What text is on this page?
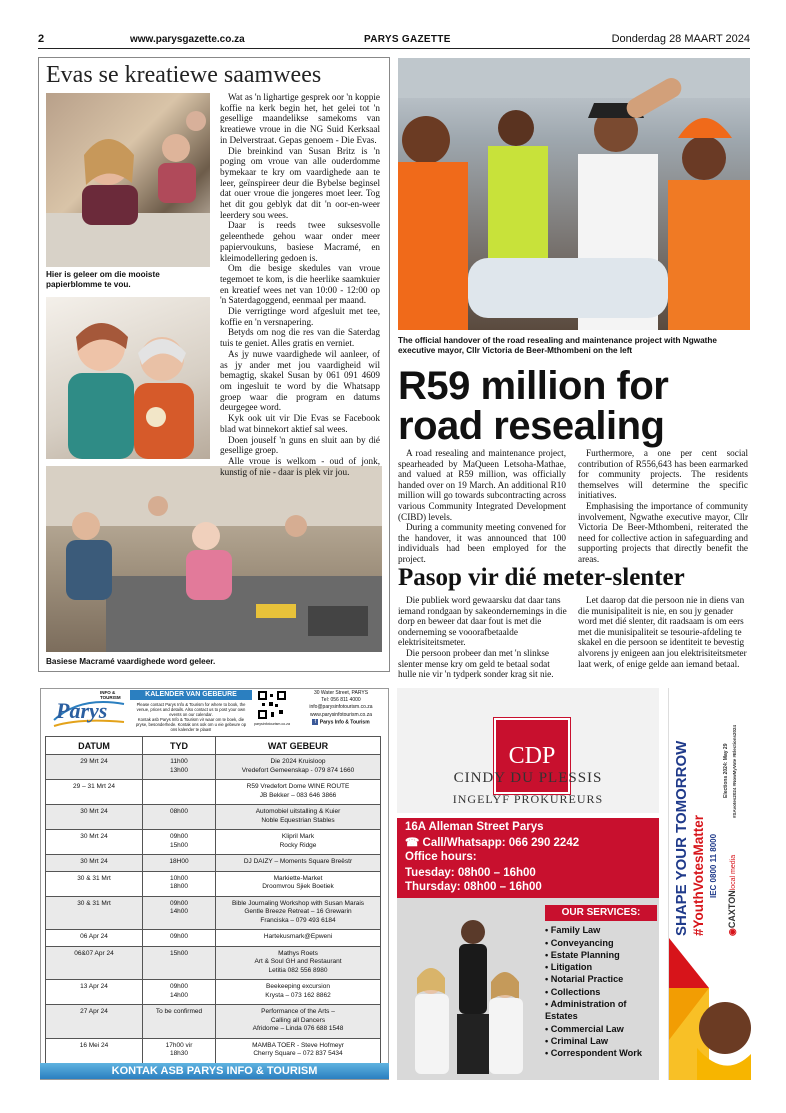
2	www.parysgazette.co.za	PARYS GAZETTE	Donderdag 28 MAART 2024
Evas se kreatiewe saamwees
Hier is geleer om die mooiste papierblomme te vou.
Basiese Macramé vaardighede word geleer.

Wat as 'n lighartige gesprek oor 'n koppie koffie na kerk begin het, het gelei tot 'n gesellige maandelikse samekoms van kreatiewe vroue in die NG Suid Kerksaal in Delverstraat. Gepas genoem - Die Evas.

Die breinkind van Susan Britz is 'n poging om vroue van alle ouderdomme bymekaar te kry om vaardighede aan te leer, geïnspireer deur die Bybelse beginsel dat ouer vroue die jongeres moet leer. Tog het dit gou geblyk dat dit 'n oor-en-weer leerdery sou wees.

Daar is reeds twee suksesvolle geleenthede gehou waar onder meer papiervoukuns, basiese Macramé, en kleimodellering gedoen is.

Om die besige skedules van vroue tegemoet te kom, is die heerlike saamkuier en kreatief wees net van 10:00 - 12:00 op 'n Saterdagoggend, eenmaal per maand.

Die verrigtinge word afgesluit met tee, koffie en 'n versnapering.

Betyds om nog die res van die Saterdag tuis te geniet. Alles gratis en verniet.

As jy nuwe vaardighede wil aanleer, of as jy ander met jou vaardigheid wil bemagtig, skakel Susan by 061 091 4609 om ingesluit te word by die Whatsapp groep waar die program en datums deurgegee word.

Kyk ook uit vir Die Evas se Facebook blad wat binnekort aktief sal wees.

Doen jouself 'n guns en sluit aan by dié gesellige groep.

Alle vroue is welkom - oud of jonk, kunstig of nie - daar is plek vir jou.

The official handover of the road resealing and maintenance project with Ngwathe executive mayor, Cllr Victoria de Beer-Mthombeni on the left
R59 million for road resealing

A road resealing and maintenance project, spearheaded by MaQueen Letsoha-Mathae, and valued at R59 million, was officially handed over on 19 March. An additional R10 million will go towards subcontracting across various Community Integrated Development (CIBD) levels.

During a community meeting convened for the handover, it was announced that 100 individuals had been employed for the project.

Furthermore, a one per cent social contribution of R556,643 has been earmarked for community projects. The residents themselves will determine the specific initiatives.

Emphasising the importance of community involvement, Ngwathe executive mayor, Cllr Victoria De Beer-Mthombeni, reiterated the need for collective action in safeguarding and supporting projects that directly benefit the areas.

Pasop vir dié meter-slenter

Die publiek word gewaarsku dat daar tans iemand rondgaan by sakeondernemings in die dorp en beweer dat daar fout is met die onderneming se vooorafbetaalde elektrisiteitsmeter.

Die persoon probeer dan met 'n slinkse slenter mense kry om geld te betaal sodat hulle nie vir 'n tydperk sonder krag sit nie.

Let daarop dat die persoon nie in diens van die munisipaliteit is nie, en sou jy genader word met dié slenter, dit raadsaam is om eers met die munisipaliteit se tesourie-afdeling te skakel en die persoon se identiteit te bevestig alvorens jy enigeen aan jou elektrisiteitsmeter laat werk, of enige gelde aan iemand betaal.

Parys
INFO & TOURISM	KALENDER VAN GEBEURE
Please contact Parys Info & Tourism for where to book, the venue, prices and details. Also contact us to post your own events on our calendar.
Kontak asb Parys Info & Tourism vir waar om te boek, die pryse, besonderhede. Kontak ons ook om u eie gebeure op ons kalender te plaas!
parysinfotourism.co.za
30 Water Street, PARYS
Tel: 056 811 4000
info@parysinfotourism.co.za
www.parysinfotourism.co.za
f Parys Info & Tourism
DATUM	TYD	WAT GEBEUR
29 Mrt 24	11h00
13h00	Die 2024 Kruisloop
Vredefort Gemeenskap - 079 874 1660
29 – 31 Mrt 24		R59 Vredefort Dome WINE ROUTE
JB Bekker – 083 646 3866
30 Mrt 24	08h00	Automobiel uitstalling & Kuier
Noble Equestrian Stables
30 Mrt 24	09h00
15h00	Klipril Mark
Rocky Ridge
30 Mrt 24	18H00	DJ DAIZY – Moments Square Breëstr
30 & 31 Mrt	10h00
18h00	Markiette-Market
Droomvrou Sjiek Boetiek
30 & 31 Mrt	09h00
14h00	Bible Journaling Workshop with Susan Marais
Gentle Breeze Retreat – 16 Grewarin
Franciska – 079 493 6184
06 Apr 24	09h00	Hartekusmark@Epweni
06&07 Apr 24	15h00	Mathys Roets
Art & Soul GH and Restaurant
Letitia 082 556 8980
13 Apr 24	09h00
14h00	Beekeeping excursion
Krysta – 073 162 8862
27 Apr 24	To be confirmed	Performance of the Arts –
Calling all Dancers
Afridome – Linda 076 688 1548
16 Mei 24	17h00 vir
18h30	MAMBA TOER - Steve Hofmeyr
Cherry Square – 072 837 5434
KONTAK ASB PARYS INFO & TOURISM
CDP
CINDY DU PLESSIS
INGELYF PROKUREURS
16A Alleman Street Parys
☎ Call/Whatsapp: 066 290 2242
Office hours:
Tuesday: 08h00 – 16h00
Thursday: 08h00 – 16h00
OUR SERVICES:
• Family Law
• Conveyancing
• Estate Planning
• Litigation
• Notarial Practice
• Collections
• Administration of Estates
• Commercial Law
• Criminal Law
• Correspondent Work
SHAPE YOUR TOMORROW #YouthVotesMatter IEC 0800 11 8000
Elections 2024: May 29 #SAvotes2024 #NowMyVote #Elections2024
◉CAXTONlocal media
